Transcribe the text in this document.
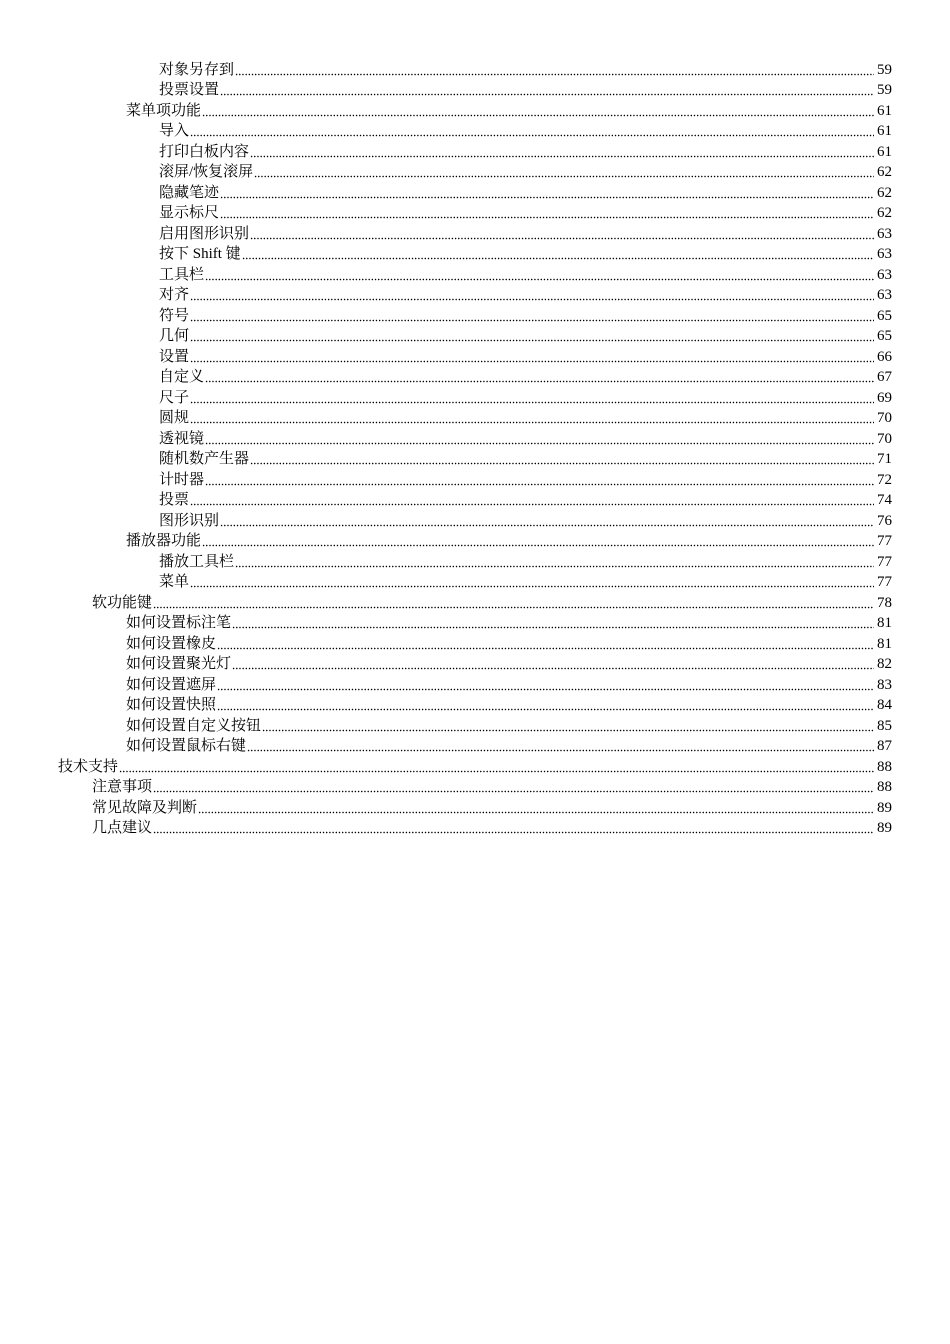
对象另存到	59
投票设置	59
菜单项功能	61
导入	61
打印白板内容	61
滚屏/恢复滚屏	62
隐藏笔迹	62
显示标尺	62
启用图形识别	63
按下 Shift 键	63
工具栏	63
对齐	63
符号	65
几何	65
设置	66
自定义	67
尺子	69
圆规	70
透视镜	70
随机数产生器	71
计时器	72
投票	74
图形识别	76
播放器功能	77
播放工具栏	77
菜单	77
软功能键	78
如何设置标注笔	81
如何设置橡皮	81
如何设置聚光灯	82
如何设置遮屏	83
如何设置快照	84
如何设置自定义按钮	85
如何设置鼠标右键	87
技术支持	88
注意事项	88
常见故障及判断	89
几点建议	89
